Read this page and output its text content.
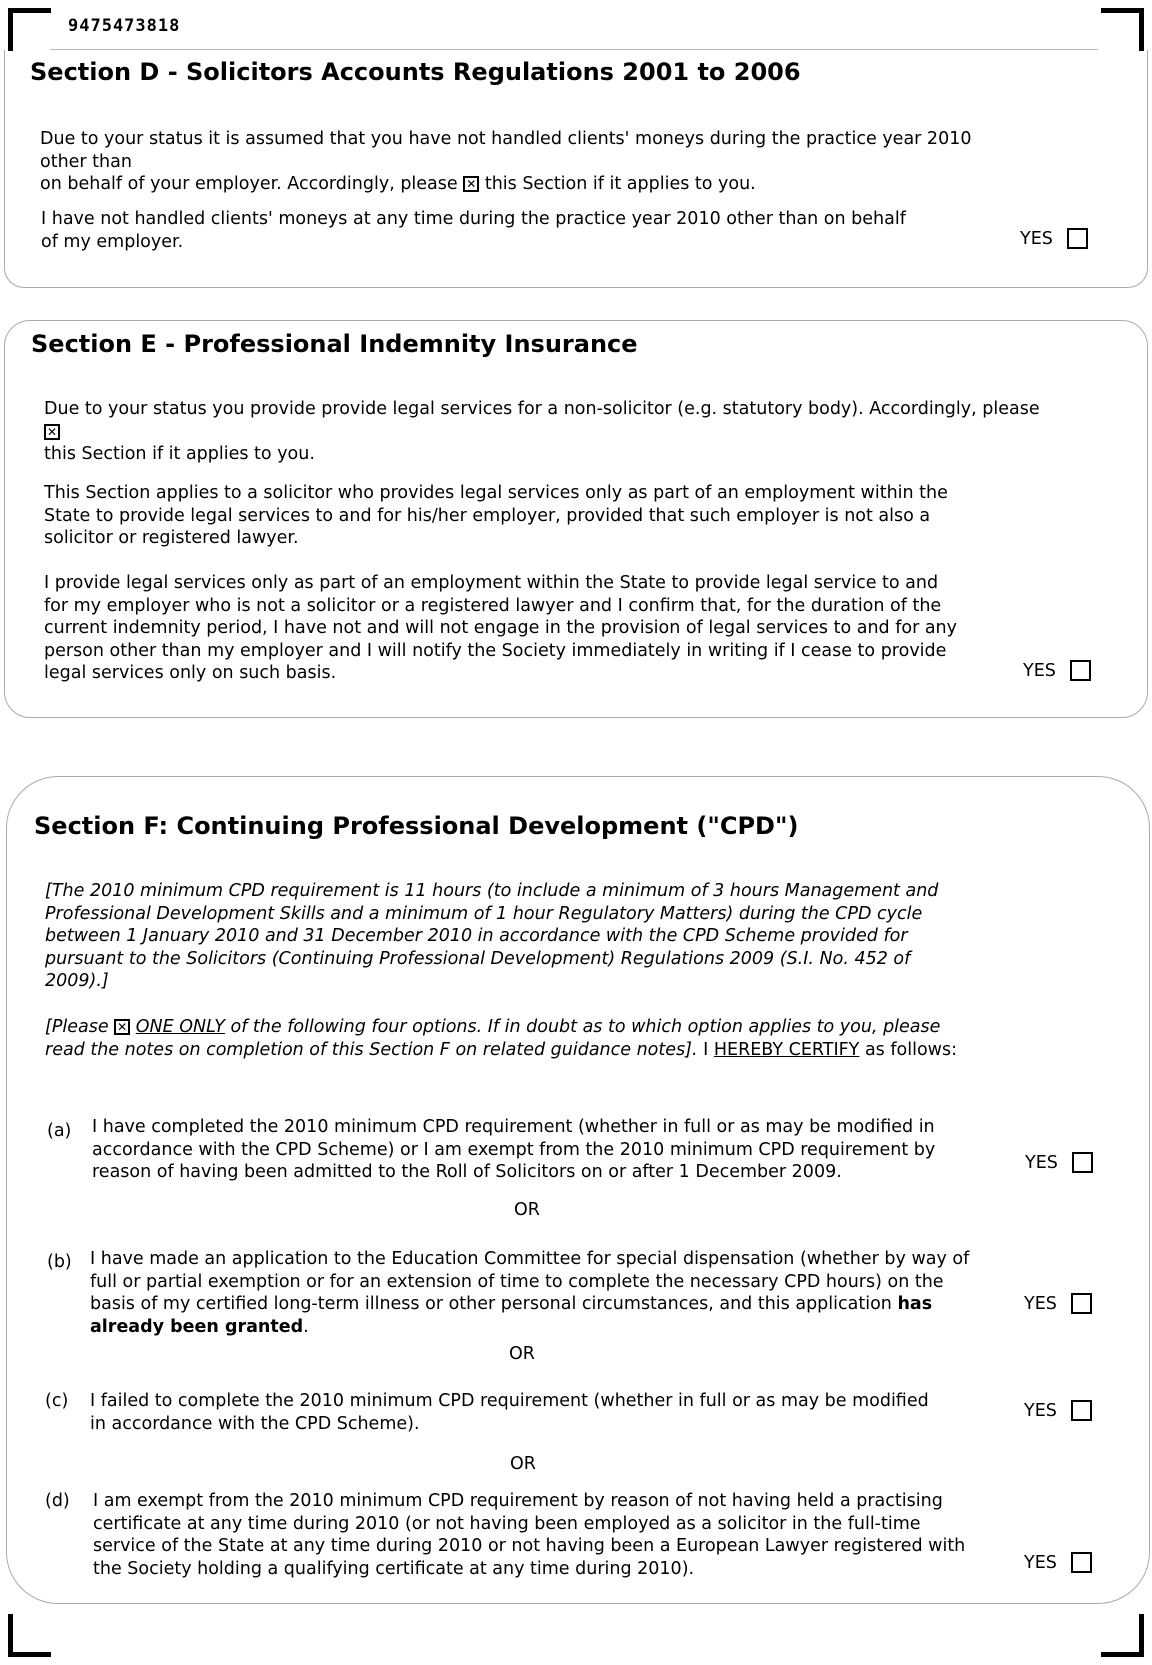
9475473818
Section D - Solicitors Accounts Regulations 2001 to 2006
Due to your status it is assumed that you have not handled clients' moneys during the practice year 2010 other than
on behalf of your employer. Accordingly, please ✕ this Section if it applies to you.
I have not handled clients' moneys at any time during the practice year 2010 other than on behalf of my employer.	YES
Section E - Professional Indemnity Insurance
Due to your status you provide provide legal services for a non-solicitor (e.g. statutory body). Accordingly, please ✕
this Section if it applies to you.
This Section applies to a solicitor who provides legal services only as part of an employment within the State to provide legal services to and for his/her employer, provided that such employer is not also a solicitor or registered lawyer.
I provide legal services only as part of an employment within the State to provide legal service to and for my employer who is not a solicitor or a registered lawyer and I confirm that, for the duration of the current indemnity period, I have not and will not engage in the provision of legal services to and for any person other than my employer and I will notify the Society immediately in writing if I cease to provide legal services only on such basis.	YES
Section F: Continuing Professional Development ("CPD")
[The 2010 minimum CPD requirement is 11 hours (to include a minimum of 3 hours Management and Professional Development Skills and a minimum of 1 hour Regulatory Matters) during the CPD cycle between 1 January 2010 and 31 December 2010 in accordance with the CPD Scheme provided for pursuant to the Solicitors (Continuing Professional Development) Regulations 2009 (S.I. No. 452 of 2009).]
[Please ✕ ONE ONLY of the following four options. If in doubt as to which option applies to you, please read the notes on completion of this Section F on related guidance notes]. I HEREBY CERTIFY as follows:
(a) I have completed the 2010 minimum CPD requirement (whether in full or as may be modified in accordance with the CPD Scheme) or I am exempt from the 2010 minimum CPD requirement by reason of having been admitted to the Roll of Solicitors on or after 1 December 2009.	YES
OR
(b) I have made an application to the Education Committee for special dispensation (whether by way of full or partial exemption or for an extension of time to complete the necessary CPD hours) on the basis of my certified long-term illness or other personal circumstances, and this application has already been granted.
YES
OR
(c) I failed to complete the 2010 minimum CPD requirement (whether in full or as may be modified in accordance with the CPD Scheme).
YES
OR
(d) I am exempt from the 2010 minimum CPD requirement by reason of not having held a practising certificate at any time during 2010 (or not having been employed as a solicitor in the full-time service of the State at any time during 2010 or not having been a European Lawyer registered with the Society holding a qualifying certificate at any time during 2010).	YES
